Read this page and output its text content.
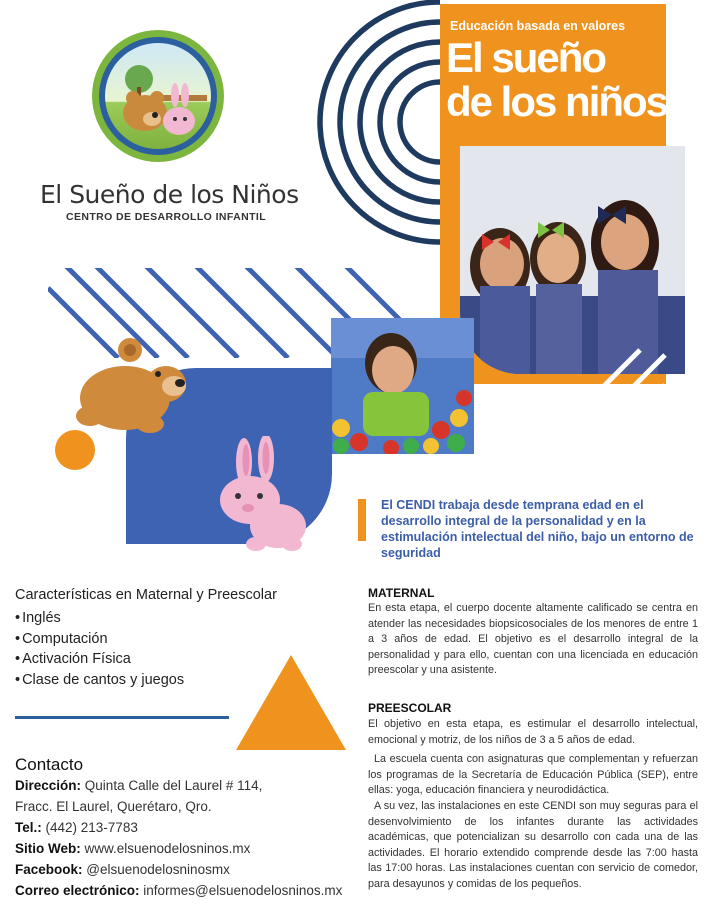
El Sueño de los Niños
CENTRO DE DESARROLLO INFANTIL
Educación basada en valores
El sueño
de los niños
El CENDI trabaja desde temprana edad en el desarrollo integral de la personalidad y en la estimulación intelectual del niño, bajo un entorno de seguridad
Características en Maternal y Preescolar
• Inglés
• Computación
• Activación Física
• Clase de cantos y juegos
Contacto
Dirección: Quinta Calle del Laurel # 114,
Fracc. El Laurel, Querétaro, Qro.
Tel.: (442) 213-7783
Sitio Web: www.elsuenodelosninos.mx
Facebook: @elsuenodelosninosmx
Correo electrónico: informes@elsuenodelosninos.mx
MATERNAL
En esta etapa, el cuerpo docente altamente calificado se centra en atender las necesidades biopsicosociales de los menores de entre 1 a 3 años de edad. El objetivo es el desarrollo integral de la personalidad y para ello, cuentan con una licenciada en educación preescolar y una asistente.
PREESCOLAR
El objetivo en esta etapa, es estimular el desarrollo intelectual, emocional y motriz, de los niños de 3 a 5 años de edad.
La escuela cuenta con asignaturas que complementan y refuerzan los programas de la Secretaría de Educación Pública (SEP), entre ellas: yoga, educación financiera y neurodidáctica.
A su vez, las instalaciones en este CENDI son muy seguras para el desenvolvimiento de los infantes durante las actividades académicas, que potencializan su desarrollo con cada una de las actividades. El horario extendido comprende desde las 7:00 hasta las 17:00 horas. Las instalaciones cuentan con servicio de comedor, para desayunos y comidas de los pequeños.
